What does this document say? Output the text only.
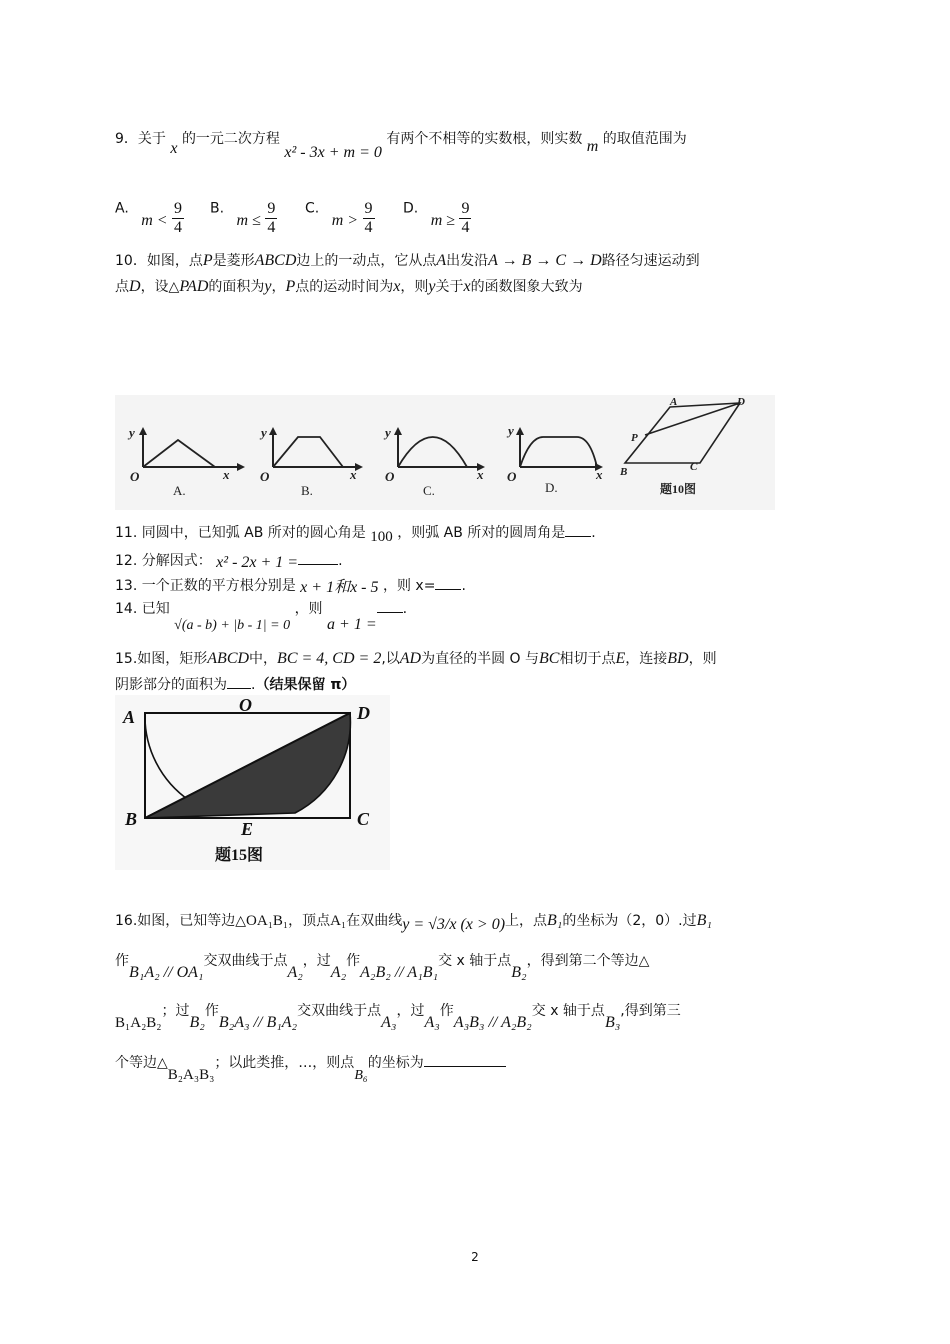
9．关于 x 的一元二次方程 x² - 3x + m = 0 有两个不相等的实数根，则实数 m 的取值范围为
A. $m < \frac{9}{4} B$. $m \le \frac{9}{4} C$. $m > \frac{9}{4} D$. $m \ge \frac{9}{4}$
10．如图，点P是菱形ABCD边上的一动点，它从点A出发沿A → B → C → D路径匀速运动到
点D，设△PAD的面积为y，P点的运动时间为x，则y关于x的函数图象大致为
y
x
O
A.
y
x
O
B.
y
x
O
C.
y
x
O
D.
A	D
P
B	C
题10图
11. 同圆中，已知弧 AB 所对的圆心角是 100 ，则弧 AB 所对的圆周角是 .
12. 分解因式： x² - 2x + 1 =	.
13. 一个正数的平方根分别是 x + 1和x - 5 ，则 x= .
14. 已知 √(a - b) + |b - 1| = 0 ，则 a + 1 =.
15.如图，矩形ABCD中，BC = 4, CD = 2,以AD为直径的半圆 O 与BC相切于点E，连接BD，则
阴影部分的面积为 .（结果保留 π）
A
O	D
B	E	C
题15图
16.如图，已知等边△OA₁B₁，顶点A₁在双曲线y = √3/x (x > 0)上，点B₁的坐标为（2，0）.过B₁
作B₁A₂ // OA₁交双曲线于点A₂，过A₂作A₂B₂ // A₁B₁交 x 轴于点B₂，得到第二个等边△
B₁A₂B₂；过B₂作B₂A₃ // B₁A₂交双曲线于点A₃，过A₃作A₃B₃ // A₂B₂交 x 轴于点B₃,得到第三
个等边△B₂A₃B₃；以此类推，…，则点B₆的坐标为
2
